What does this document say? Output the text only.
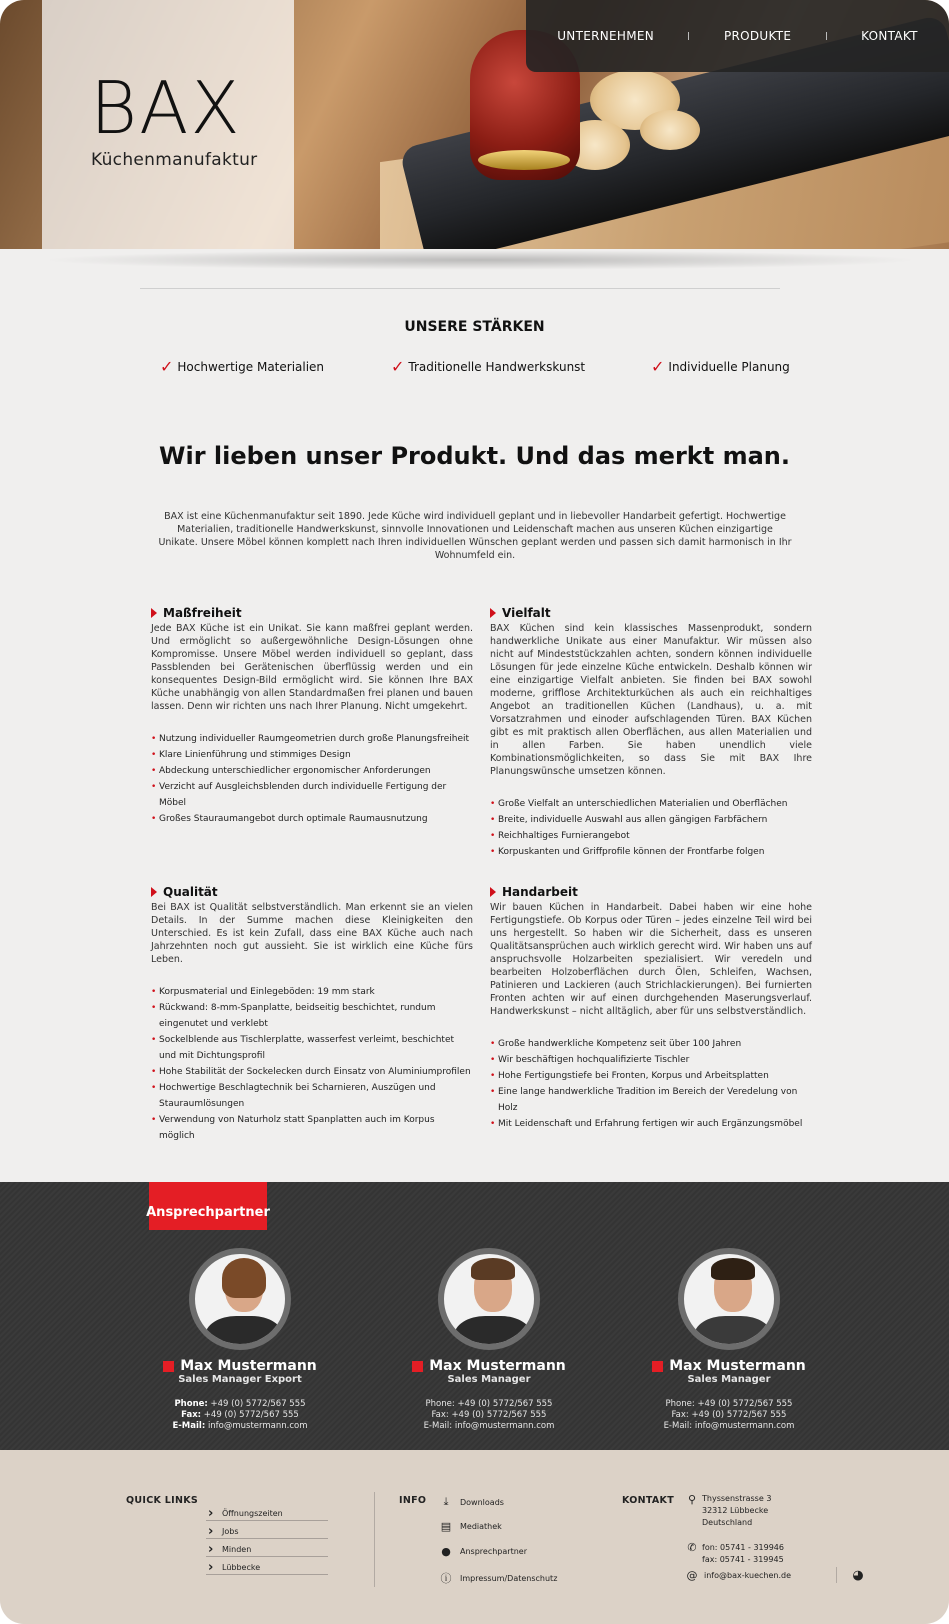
BAX
Küchenmanufaktur
UNTERNEHMEN	PRODUKTE	KONTAKT
UNSERE STÄRKEN
✓ Hochwertige Materialien	✓ Traditionelle Handwerkskunst	✓ Individuelle Planung
Wir lieben unser Produkt. Und das merkt man.

BAX ist eine Küchenmanufaktur seit 1890. Jede Küche wird individuell geplant und in liebevoller Handarbeit gefertigt. Hochwertige Materialien, traditionelle Handwerkskunst, sinnvolle Innovationen und Leidenschaft machen aus unseren Küchen einzigartige Unikate. Unsere Möbel können komplett nach Ihren individuellen Wünschen geplant werden und passen sich damit harmonisch in Ihr Wohnumfeld ein.

Maßfreiheit

Jede BAX Küche ist ein Unikat. Sie kann maßfrei geplant werden. Und ermöglicht so außergewöhnliche Design-Lösungen ohne Kompromisse. Unsere Möbel werden individuell so geplant, dass Passblenden bei Gerätenischen überflüssig werden und ein konsequentes Design-Bild ermöglicht wird. Sie können Ihre BAX Küche unabhängig von allen Standardmaßen frei planen und bauen lassen. Denn wir richten uns nach Ihrer Planung. Nicht umgekehrt.

• Nutzung individueller Raumgeometrien durch große Planungsfreiheit
• Klare Linienführung und stimmiges Design
• Abdeckung unterschiedlicher ergonomischer Anforderungen
• Verzicht auf Ausgleichsblenden durch individuelle Fertigung der Möbel
• Großes Stauraumangebot durch optimale Raumausnutzung
Vielfalt

BAX Küchen sind kein klassisches Massenprodukt, sondern handwerkliche Unikate aus einer Manufaktur. Wir müssen also nicht auf Mindeststückzahlen achten, sondern können individuelle Lösungen für jede einzelne Küche entwickeln. Deshalb können wir eine einzigartige Vielfalt anbieten. Sie finden bei BAX sowohl moderne, grifflose Architekturküchen als auch ein reichhaltiges Angebot an traditionellen Küchen (Landhaus), u. a. mit Vorsatzrahmen und einoder aufschlagenden Türen. BAX Küchen gibt es mit praktisch allen Oberflächen, aus allen Materialien und in allen Farben. Sie haben unendlich viele Kombinationsmöglichkeiten, so dass Sie mit BAX Ihre Planungswünsche umsetzen können.

• Große Vielfalt an unterschiedlichen Materialien und Oberflächen
• Breite, individuelle Auswahl aus allen gängigen Farbfächern
• Reichhaltiges Furnierangebot
• Korpuskanten und Griffprofile können der Frontfarbe folgen
Qualität

Bei BAX ist Qualität selbstverständlich. Man erkennt sie an vielen Details. In der Summe machen diese Kleinigkeiten den Unterschied. Es ist kein Zufall, dass eine BAX Küche auch nach Jahrzehnten noch gut aussieht. Sie ist wirklich eine Küche fürs Leben.

• Korpusmaterial und Einlegeböden: 19 mm stark
• Rückwand: 8-mm-Spanplatte, beidseitig beschichtet, rundum eingenutet und verklebt
• Sockelblende aus Tischlerplatte, wasserfest verleimt, beschichtet und mit Dichtungsprofil
• Hohe Stabilität der Sockelecken durch Einsatz von Aluminiumprofilen
• Hochwertige Beschlagtechnik bei Scharnieren, Auszügen und Stauraumlösungen
• Verwendung von Naturholz statt Spanplatten auch im Korpus möglich
Handarbeit

Wir bauen Küchen in Handarbeit. Dabei haben wir eine hohe Fertigungstiefe. Ob Korpus oder Türen – jedes einzelne Teil wird bei uns hergestellt. So haben wir die Sicherheit, dass es unseren Qualitätsansprüchen auch wirklich gerecht wird. Wir haben uns auf anspruchsvolle Holzarbeiten spezialisiert. Wir veredeln und bearbeiten Holzoberflächen durch Ölen, Schleifen, Wachsen, Patinieren und Lackieren (auch Strichlackierungen). Bei furnierten Fronten achten wir auf einen durchgehenden Maserungsverlauf. Handwerkskunst – nicht alltäglich, aber für uns selbstverständlich.

• Große handwerkliche Kompetenz seit über 100 Jahren
• Wir beschäftigen hochqualifizierte Tischler
• Hohe Fertigungstiefe bei Fronten, Korpus und Arbeitsplatten
• Eine lange handwerkliche Tradition im Bereich der Veredelung von Holz
• Mit Leidenschaft und Erfahrung fertigen wir auch Ergänzungsmöbel
Ansprechpartner
Max Mustermann
Sales Manager Export
Phone: +49 (0) 5772/567 555
Fax: +49 (0) 5772/567 555
E-Mail: info@mustermann.com
Max Mustermann
Sales Manager
Phone: +49 (0) 5772/567 555
Fax: +49 (0) 5772/567 555
E-Mail: info@mustermann.com
Max Mustermann
Sales Manager
Phone: +49 (0) 5772/567 555
Fax: +49 (0) 5772/567 555
E-Mail: info@mustermann.com
QUICK LINKS
› Öffnungszeiten
› Jobs
› Minden
› Lübbecke
INFO	⤓	Downloads
▤ Mediathek
● Ansprechpartner
ⓘ Impressum/Datenschutz
KONTAKT ⚲ Thyssenstrasse 3
32312 Lübbecke
Deutschland
✆ fon: 05741 - 319946
fax: 05741 - 319945
@ info@bax-kuechen.de	◕
